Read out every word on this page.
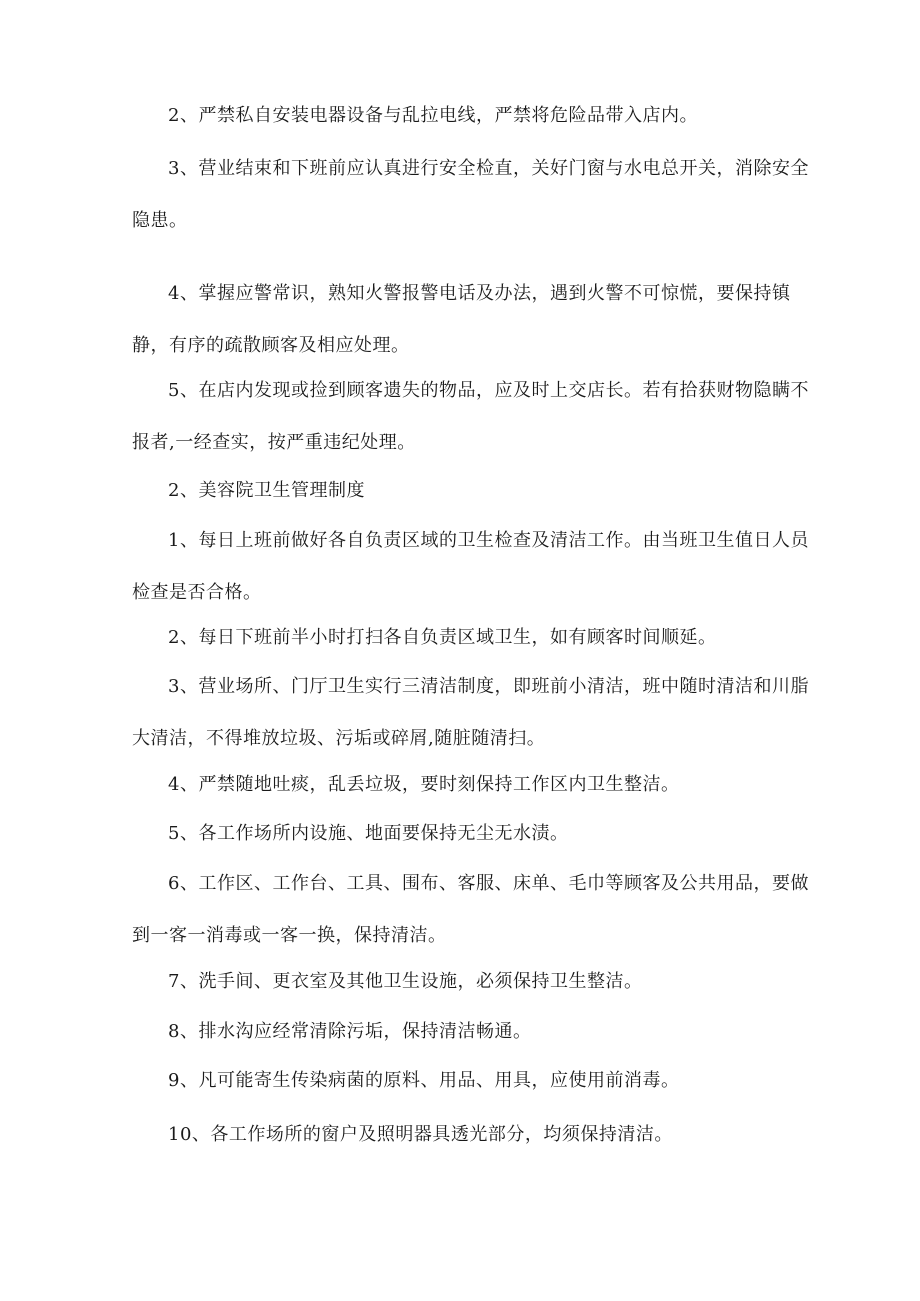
2、严禁私自安装电器设备与乱拉电线，严禁将危险品带入店内。

3、营业结束和下班前应认真进行安全检直，关好门窗与水电总开关，消除安全隐患。

4、掌握应警常识，熟知火警报警电话及办法，遇到火警不可惊慌，要保持镇静，有序的疏散顾客及相应处理。

5、在店内发现或捡到顾客遗失的物品，应及时上交店长。若有拾获财物隐瞒不报者,一经查实，按严重违纪处理。

2、美容院卫生管理制度

1、每日上班前做好各自负责区域的卫生检查及清洁工作。由当班卫生值日人员检查是否合格。

2、每日下班前半小时打扫各自负责区域卫生，如有顾客时间顺延。

3、营业场所、门厅卫生实行三清洁制度，即班前小清洁，班中随时清洁和川脂大清洁，不得堆放垃圾、污垢或碎屑,随脏随清扫。

4、严禁随地吐痰，乱丢垃圾，要时刻保持工作区内卫生整洁。

5、各工作场所内设施、地面要保持无尘无水渍。

6、工作区、工作台、工具、围布、客服、床单、毛巾等顾客及公共用品，要做到一客一消毒或一客一换，保持清洁。

7、洗手间、更衣室及其他卫生设施，必须保持卫生整洁。

8、排水沟应经常清除污垢，保持清洁畅通。

9、凡可能寄生传染病菌的原料、用品、用具，应使用前消毒。

10、各工作场所的窗户及照明器具透光部分，均须保持清洁。
